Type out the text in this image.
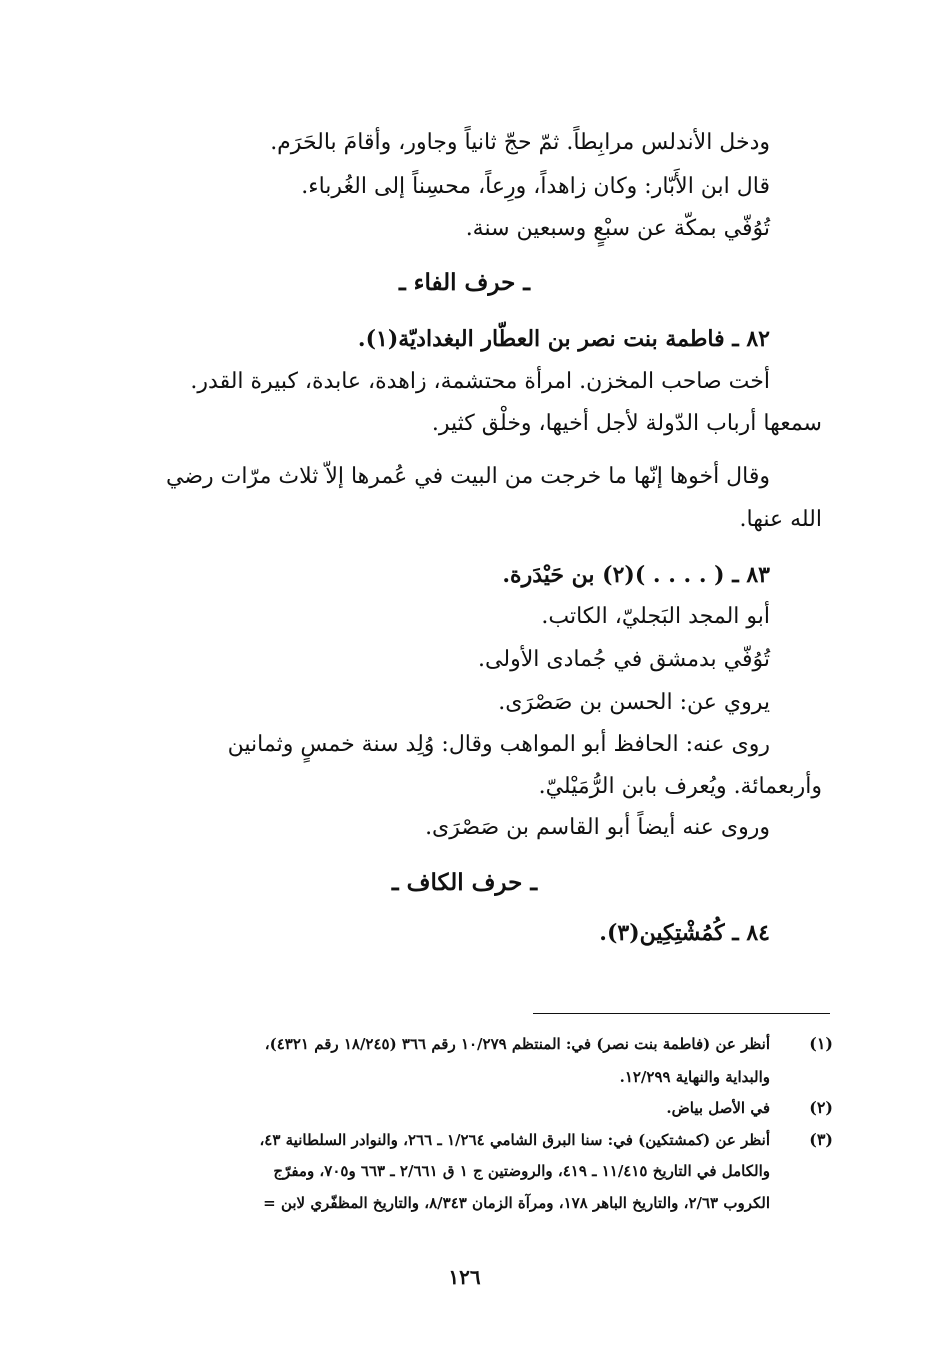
ودخل الأندلس مرابِطاً. ثمّ حجّ ثانياً وجاور، وأقامَ بالحَرَم.
قال ابن الأَبّار: وكان زاهداً، ورِعاً، محسِناً إلى الغُرباء.
تُوُفّي بمكّة عن سبْعٍ وسبعين سنة.
ـ حرف الفاء ـ
٨٢ ـ فاطمة بنت نصر بن العطّار البغداديّة(١).
أخت صاحب المخزن. امرأة محتشمة، زاهدة، عابدة، كبيرة القدر.
سمعها أرباب الدّولة لأجل أخيها، وخلْق كثير.
وقال أخوها إنّها ما خرجت من البيت في عُمرها إلاّ ثلاث مرّات رضي
الله عنها.
٨٣ ـ ( . . . . )(٢) بن حَيْدَرة.
أبو المجد البَجليّ، الكاتب.
تُوُفّي بدمشق في جُمادى الأولى.
يروي عن: الحسن بن صَصْرَى.
روى عنه: الحافظ أبو المواهب وقال: وُلِد سنة خمسٍ وثمانين
وأربعمائة. ويُعرف بابن الرُّمَيْليّ.
وروى عنه أيضاً أبو القاسم بن صَصْرَى.
ـ حرف الكاف ـ
٨٤ ـ كُمُشْتِكِين(٣).
(١)
أنظر عن (فاطمة بنت نصر) في: المنتظم ١٠/٢٧٩ رقم ٣٦٦ (١٨/٢٤٥ رقم ٤٣٢١)،
والبداية والنهاية ١٢/٢٩٩.
(٢)
في الأصل بياض.
(٣)
أنظر عن (كمشتكين) في: سنا البرق الشامي ١/٢٦٤ ـ ٢٦٦، والنوادر السلطانية ٤٣،
والكامل في التاريخ ١١/٤١٥ ـ ٤١٩، والروضتين ج ١ ق ٢/٦٦١ ـ ٦٦٣ و٧٠٥، ومفرّج
الكروب ٢/٦٣، والتاريخ الباهر ١٧٨، ومرآة الزمان ٨/٣٤٣، والتاريخ المظفّري لابن =
١٢٦
